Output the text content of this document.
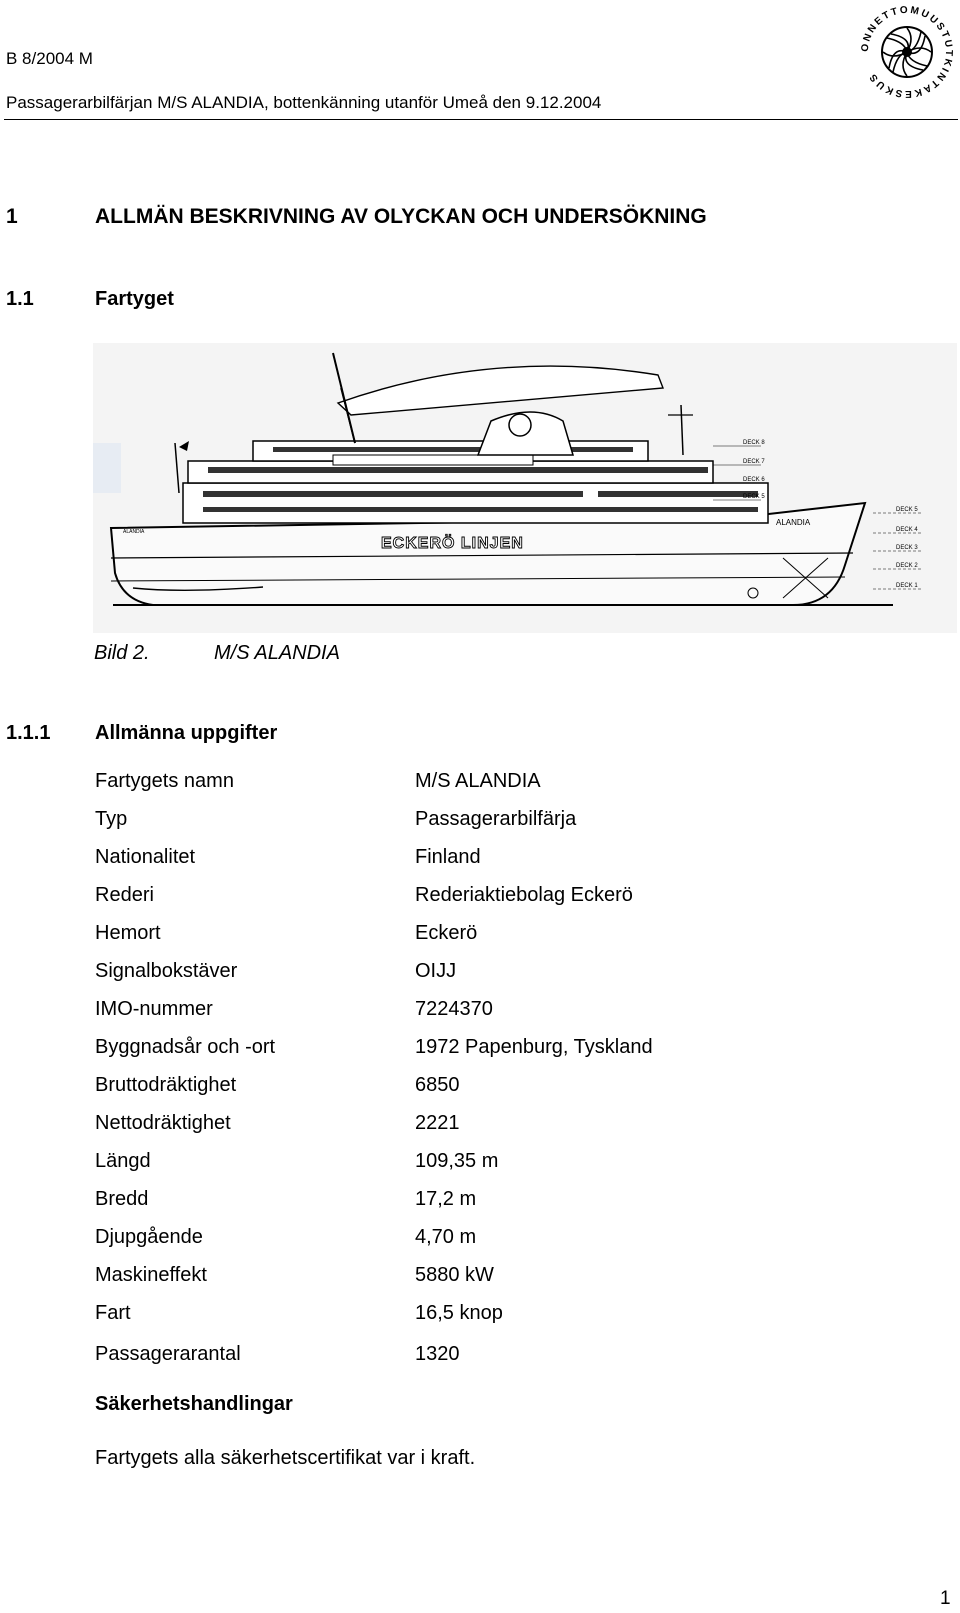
B 8/2004 M
Passagerarbilfärjan M/S ALANDIA, bottenkänning utanför Umeå den 9.12.2004
ONNETTOMUUSTUTKINTAKESKUS
1	ALLMÄN BESKRIVNING AV OLYCKAN OCH UNDERSÖKNING
1.1	Fartyget
ALANDIA
ALANDIA
ECKERÖ LINJEN
DECK 8
DECK 7
DECK 6
DECK 5
DECK 5
DECK 4
DECK 3
DECK 2
DECK 1
Bild 2.	M/S ALANDIA
1.1.1 Allmänna uppgifter
Fartygets namn	M/S ALANDIA
Typ	Passagerarbilfärja
Nationalitet	Finland
Rederi	Rederiaktiebolag Eckerö
Hemort	Eckerö
Signalbokstäver	OIJJ
IMO-nummer	7224370
Byggnadsår och -ort	1972 Papenburg, Tyskland
Bruttodräktighet	6850
Nettodräktighet	2221
Längd	109,35 m
Bredd	17,2 m
Djupgående	4,70 m
Maskineffekt	5880 kW
Fart	16,5 knop
Passagerarantal	1320
Säkerhetshandlingar
Fartygets alla säkerhetscertifikat var i kraft.
1
